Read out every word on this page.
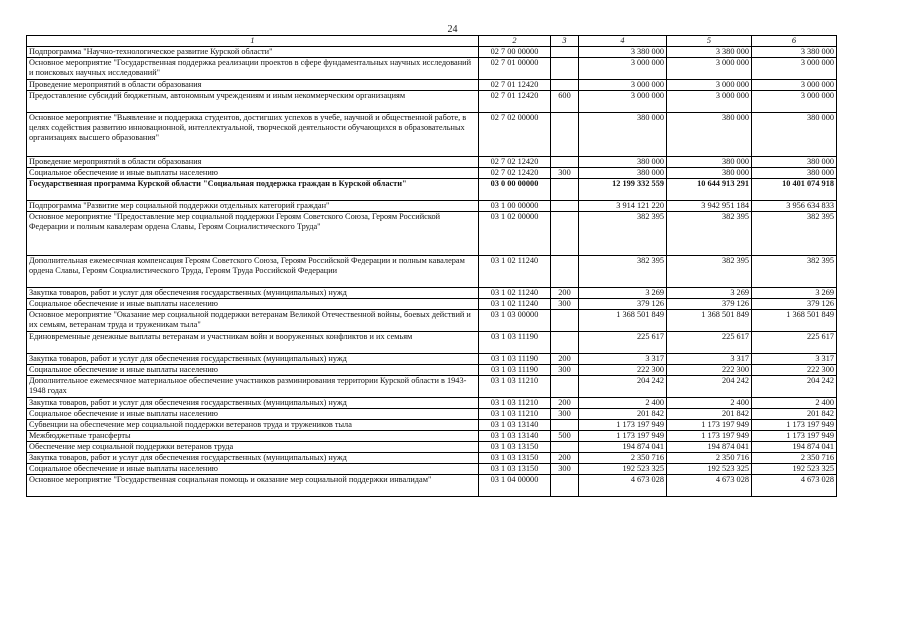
24
1	2	3	4	5	6
Подпрограмма "Научно-технологическое развитие Курской области"	02 7 00 00000		3 380 000	3 380 000	3 380 000
Основное мероприятие "Государственная поддержка реализации проектов в сфере фундаментальных научных исследований и поисковых научных исследований"	02 7 01 00000		3 000 000	3 000 000	3 000 000
Проведение мероприятий в области образования	02 7 01 12420		3 000 000	3 000 000	3 000 000
Предоставление субсидий бюджетным, автономным учреждениям и иным некоммерческим организациям	02 7 01 12420	600	3 000 000	3 000 000	3 000 000
Основное мероприятие "Выявление и поддержка студентов, достигших успехов в учебе, научной и общественной работе, в целях содействия развитию инновационной, интеллектуальной, творческой деятельности обучающихся в образовательных организациях высшего образования"	02 7 02 00000		380 000	380 000	380 000
Проведение мероприятий в области образования	02 7 02 12420		380 000	380 000	380 000
Социальное обеспечение и иные выплаты населению	02 7 02 12420	300	380 000	380 000	380 000
Государственная программа Курской области "Социальная поддержка граждан в Курской области"	03 0 00 00000		12 199 332 559	10 644 913 291	10 401 074 918
Подпрограмма "Развитие мер социальной поддержки отдельных категорий граждан"	03 1 00 00000		3 914 121 220	3 942 951 184	3 956 634 833
Основное мероприятие "Предоставление мер социальной поддержки Героям Советского Союза, Героям Российской Федерации и полным кавалерам ордена Славы, Героям Социалистического Труда"	03 1 02 00000		382 395	382 395	382 395
Дополнительная ежемесячная компенсация Героям Советского Союза, Героям Российской Федерации и полным кавалерам ордена Славы, Героям Социалистического Труда, Героям Труда Российской Федерации	03 1 02 11240		382 395	382 395	382 395
Закупка товаров, работ и услуг для обеспечения государственных (муниципальных) нужд	03 1 02 11240	200	3 269	3 269	3 269
Социальное обеспечение и иные выплаты населению	03 1 02 11240	300	379 126	379 126	379 126
Основное мероприятие "Оказание мер социальной поддержки ветеранам Великой Отечественной войны, боевых действий и их семьям, ветеранам труда и труженикам тыла"	03 1 03 00000		1 368 501 849	1 368 501 849	1 368 501 849
Единовременные денежные выплаты ветеранам и участникам войн и вооруженных конфликтов и их семьям	03 1 03 11190		225 617	225 617	225 617
Закупка товаров, работ и услуг для обеспечения государственных (муниципальных) нужд	03 1 03 11190	200	3 317	3 317	3 317
Социальное обеспечение и иные выплаты населению	03 1 03 11190	300	222 300	222 300	222 300
Дополнительное ежемесячное материальное обеспечение участников разминирования территории Курской области в 1943-1948 годах	03 1 03 11210		204 242	204 242	204 242
Закупка товаров, работ и услуг для обеспечения государственных (муниципальных) нужд	03 1 03 11210	200	2 400	2 400	2 400
Социальное обеспечение и иные выплаты населению	03 1 03 11210	300	201 842	201 842	201 842
Субвенции на обеспечение мер социальной поддержки ветеранов труда и тружеников тыла	03 1 03 13140		1 173 197 949	1 173 197 949	1 173 197 949
Межбюджетные трансферты	03 1 03 13140	500	1 173 197 949	1 173 197 949	1 173 197 949
Обеспечение мер социальной поддержки ветеранов труда	03 1 03 13150		194 874 041	194 874 041	194 874 041
Закупка товаров, работ и услуг для обеспечения государственных (муниципальных) нужд	03 1 03 13150	200	2 350 716	2 350 716	2 350 716
Социальное обеспечение и иные выплаты населению	03 1 03 13150	300	192 523 325	192 523 325	192 523 325
Основное мероприятие "Государственная социальная помощь и оказание мер социальной поддержки инвалидам"	03 1 04 00000		4 673 028	4 673 028	4 673 028
